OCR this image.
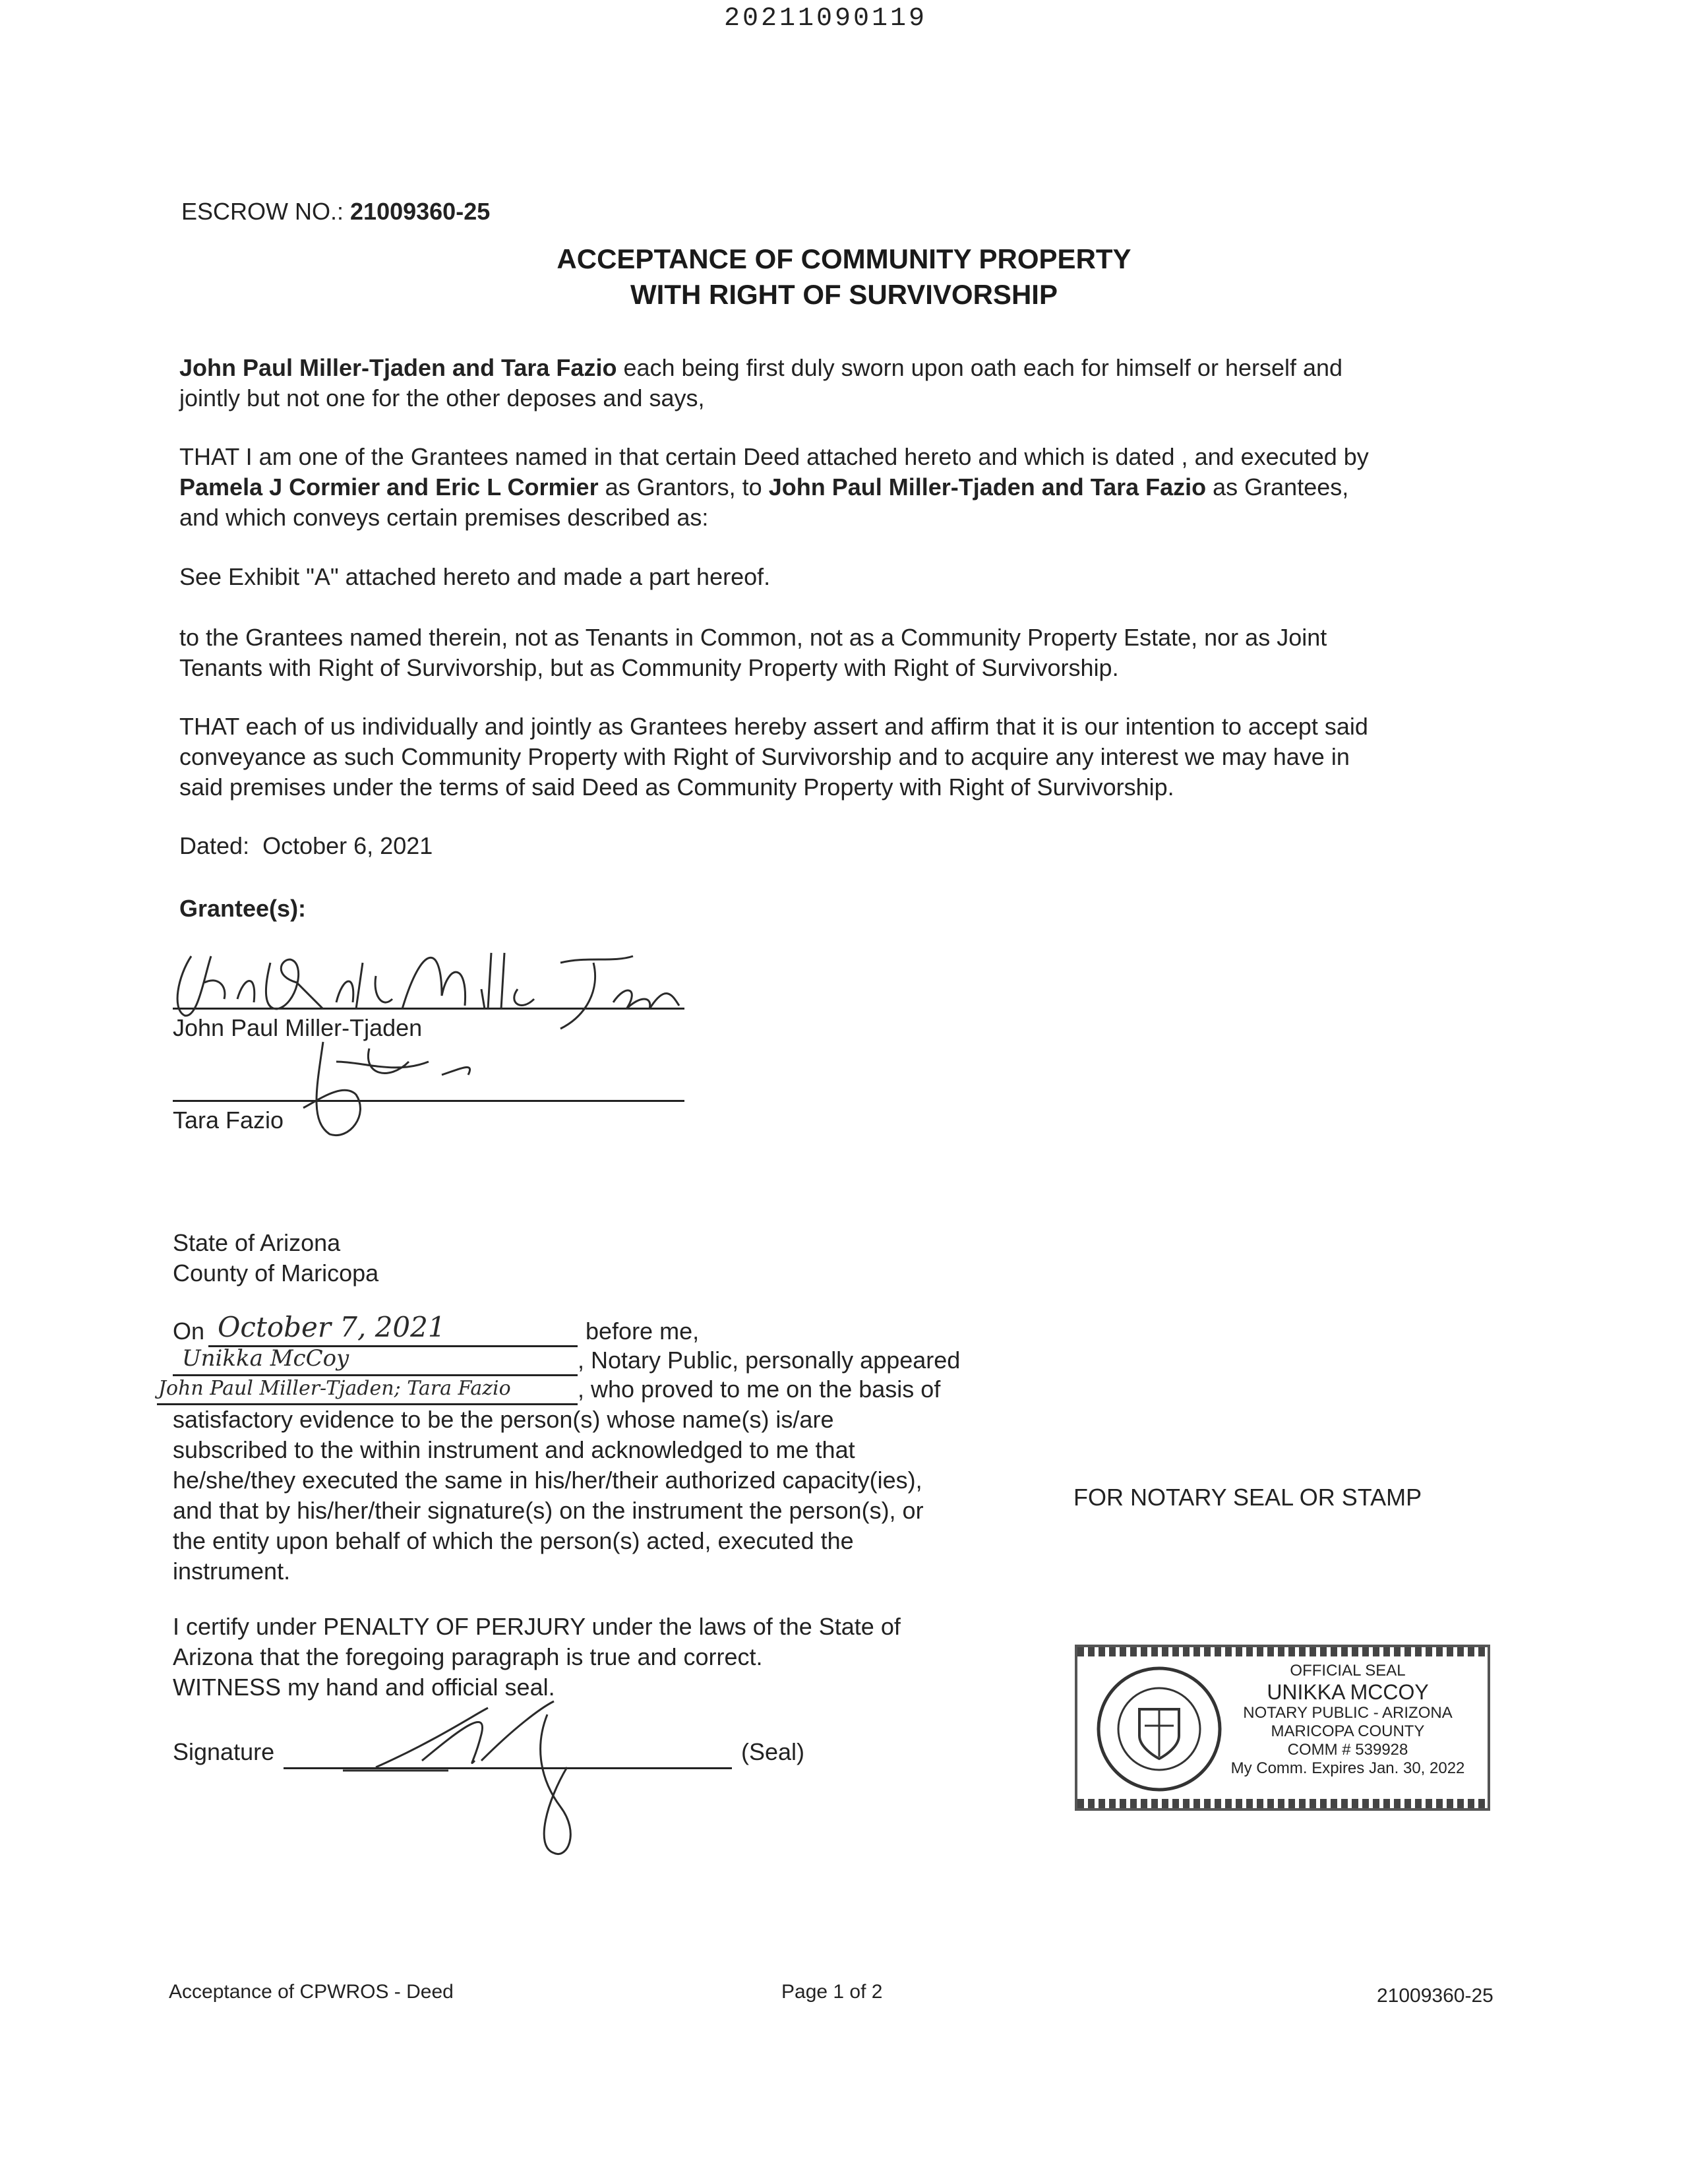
20211090119
ESCROW NO.: 21009360-25
ACCEPTANCE OF COMMUNITY PROPERTY
WITH RIGHT OF SURVIVORSHIP
John Paul Miller-Tjaden and Tara Fazio each being first duly sworn upon oath each for himself or herself and
jointly but not one for the other deposes and says,
THAT I am one of the Grantees named in that certain Deed attached hereto and which is dated , and executed by
Pamela J Cormier and Eric L Cormier as Grantors, to John Paul Miller-Tjaden and Tara Fazio as Grantees,
and which conveys certain premises described as:
See Exhibit "A" attached hereto and made a part hereof.
to the Grantees named therein, not as Tenants in Common, not as a Community Property Estate, nor as Joint
Tenants with Right of Survivorship, but as Community Property with Right of Survivorship.
THAT each of us individually and jointly as Grantees hereby assert and affirm that it is our intention to accept said
conveyance as such Community Property with Right of Survivorship and to acquire any interest we may have in
said premises under the terms of said Deed as Community Property with Right of Survivorship.
Dated: October 6, 2021
Grantee(s):
John Paul Miller-Tjaden
Tara Fazio
State of Arizona
County of Maricopa
On October 7, 2021	before me,
Unikka McCoy	, Notary Public, personally appeared
John Paul Miller-Tjaden; Tara Fazio	, who proved to me on the basis of
satisfactory evidence to be the person(s) whose name(s) is/are
subscribed to the within instrument and acknowledged to me that
he/she/they executed the same in his/her/their authorized capacity(ies),
and that by his/her/their signature(s) on the instrument the person(s), or
the entity upon behalf of which the person(s) acted, executed the
instrument.
I certify under PENALTY OF PERJURY under the laws of the State of
Arizona that the foregoing paragraph is true and correct.
WITNESS my hand and official seal.
Signature	(Seal)
FOR NOTARY SEAL OR STAMP
OFFICIAL SEAL
UNIKKA MCCOY
NOTARY PUBLIC - ARIZONA
MARICOPA COUNTY
COMM # 539928
My Comm. Expires Jan. 30, 2022
Acceptance of CPWROS - Deed	Page 1 of 2	21009360-25
